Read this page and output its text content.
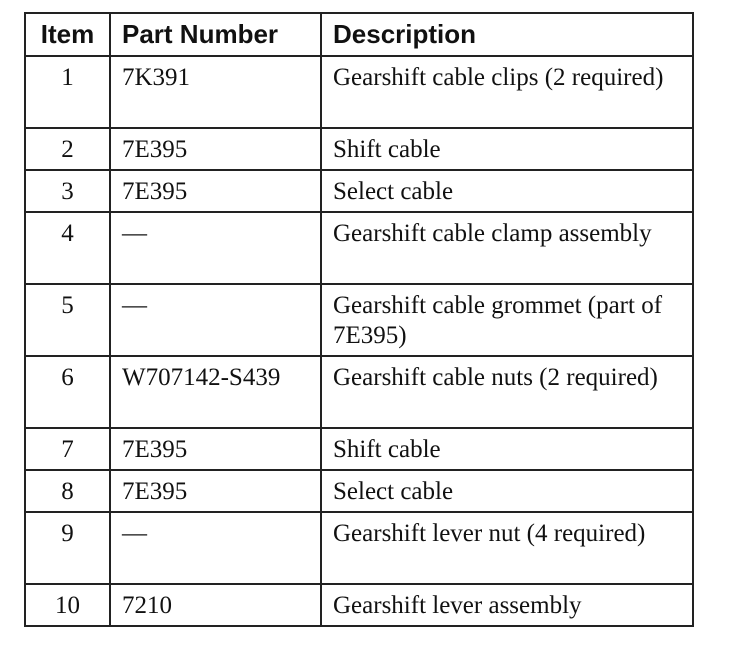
Item	Part Number	Description
1	7K391	Gearshift cable clips (2 required)
2	7E395	Shift cable
3	7E395	Select cable
4	—	Gearshift cable clamp assembly
5	—	Gearshift cable grommet (part of 7E395)
6	W707142-S439	Gearshift cable nuts (2 required)
7	7E395	Shift cable
8	7E395	Select cable
9	—	Gearshift lever nut (4 required)
10	7210	Gearshift lever assembly
